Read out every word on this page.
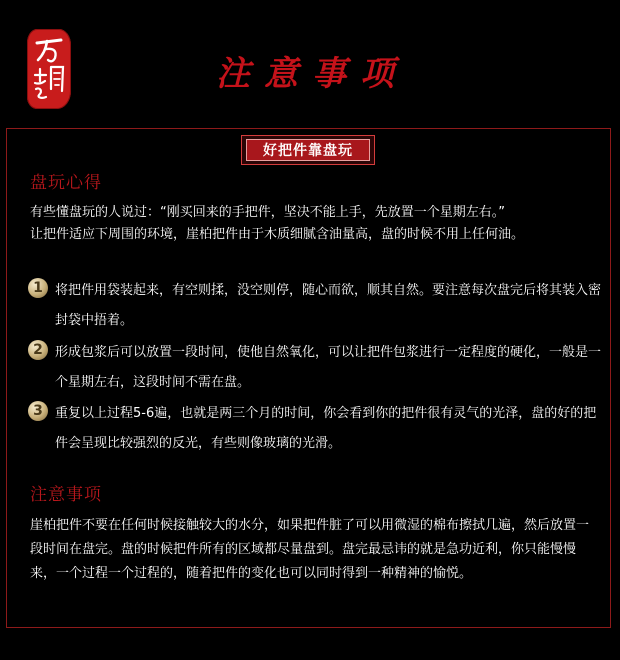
注意事项
好把件靠盘玩
盘玩心得
有些懂盘玩的人说过：“刚买回来的手把件，坚决不能上手，先放置一个星期左右。”
让把件适应下周围的环境，崖柏把件由于木质细腻含油量高，盘的时候不用上任何油。
1 将把件用袋装起来，有空则揉，没空则停，随心而欲，顺其自然。要注意每次盘完后将其装入密封袋中捂着。
2 形成包浆后可以放置一段时间，使他自然氧化，可以让把件包浆进行一定程度的硬化，一般是一个星期左右，这段时间不需在盘。
3 重复以上过程5-6遍，也就是两三个月的时间，你会看到你的把件很有灵气的光泽，盘的好的把件会呈现比较强烈的反光，有些则像玻璃的光滑。
注意事项
崖柏把件不要在任何时候接触较大的水分，如果把件脏了可以用微湿的棉布擦拭几遍，然后放置一段时间在盘完。盘的时候把件所有的区域都尽量盘到。盘完最忌讳的就是急功近利，你只能慢慢来，一个过程一个过程的，随着把件的变化也可以同时得到一种精神的愉悦。
